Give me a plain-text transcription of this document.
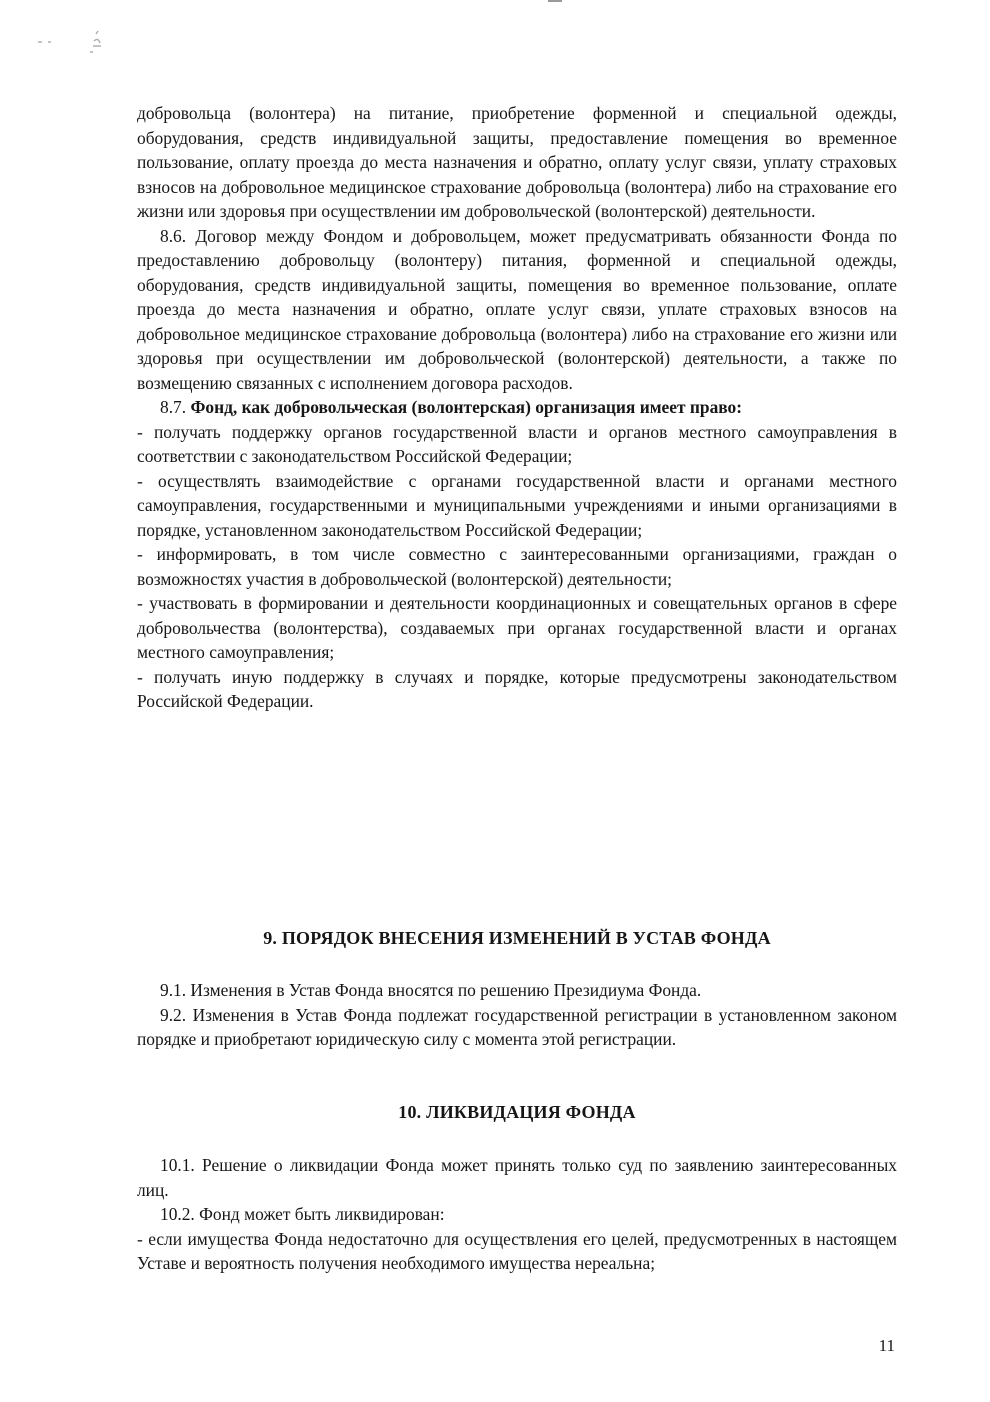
добровольца (волонтера) на питание, приобретение форменной и специальной одежды, оборудования, средств индивидуальной защиты, предоставление помещения во временное пользование, оплату проезда до места назначения и обратно, оплату услуг связи, уплату страховых взносов на добровольное медицинское страхование добровольца (волонтера) либо на страхование его жизни или здоровья при осуществлении им добровольческой (волонтерской) деятельности.

8.6. Договор между Фондом и добровольцем, может предусматривать обязанности Фонда по предоставлению добровольцу (волонтеру) питания, форменной и специальной одежды, оборудования, средств индивидуальной защиты, помещения во временное пользование, оплате проезда до места назначения и обратно, оплате услуг связи, уплате страховых взносов на добровольное медицинское страхование добровольца (волонтера) либо на страхование его жизни или здоровья при осуществлении им добровольческой (волонтерской) деятельности, а также по возмещению связанных с исполнением договора расходов.

8.7. Фонд, как добровольческая (волонтерская) организация имеет право:

- получать поддержку органов государственной власти и органов местного самоуправления в соответствии с законодательством Российской Федерации;

- осуществлять взаимодействие с органами государственной власти и органами местного самоуправления, государственными и муниципальными учреждениями и иными организациями в порядке, установленном законодательством Российской Федерации;

- информировать, в том числе совместно с заинтересованными организациями, граждан о возможностях участия в добровольческой (волонтерской) деятельности;

- участвовать в формировании и деятельности координационных и совещательных органов в сфере добровольчества (волонтерства), создаваемых при органах государственной власти и органах местного самоуправления;

- получать иную поддержку в случаях и порядке, которые предусмотрены законодательством Российской Федерации.

9. ПОРЯДОК ВНЕСЕНИЯ ИЗМЕНЕНИЙ В УСТАВ ФОНДА

9.1. Изменения в Устав Фонда вносятся по решению Президиума Фонда.

9.2. Изменения в Устав Фонда подлежат государственной регистрации в установленном законом порядке и приобретают юридическую силу с момента этой регистрации.

10. ЛИКВИДАЦИЯ ФОНДА

10.1. Решение о ликвидации Фонда может принять только суд по заявлению заинтересованных лиц.

10.2. Фонд может быть ликвидирован:

- если имущества Фонда недостаточно для осуществления его целей, предусмотренных в настоящем Уставе и вероятность получения необходимого имущества нереальна;

11
